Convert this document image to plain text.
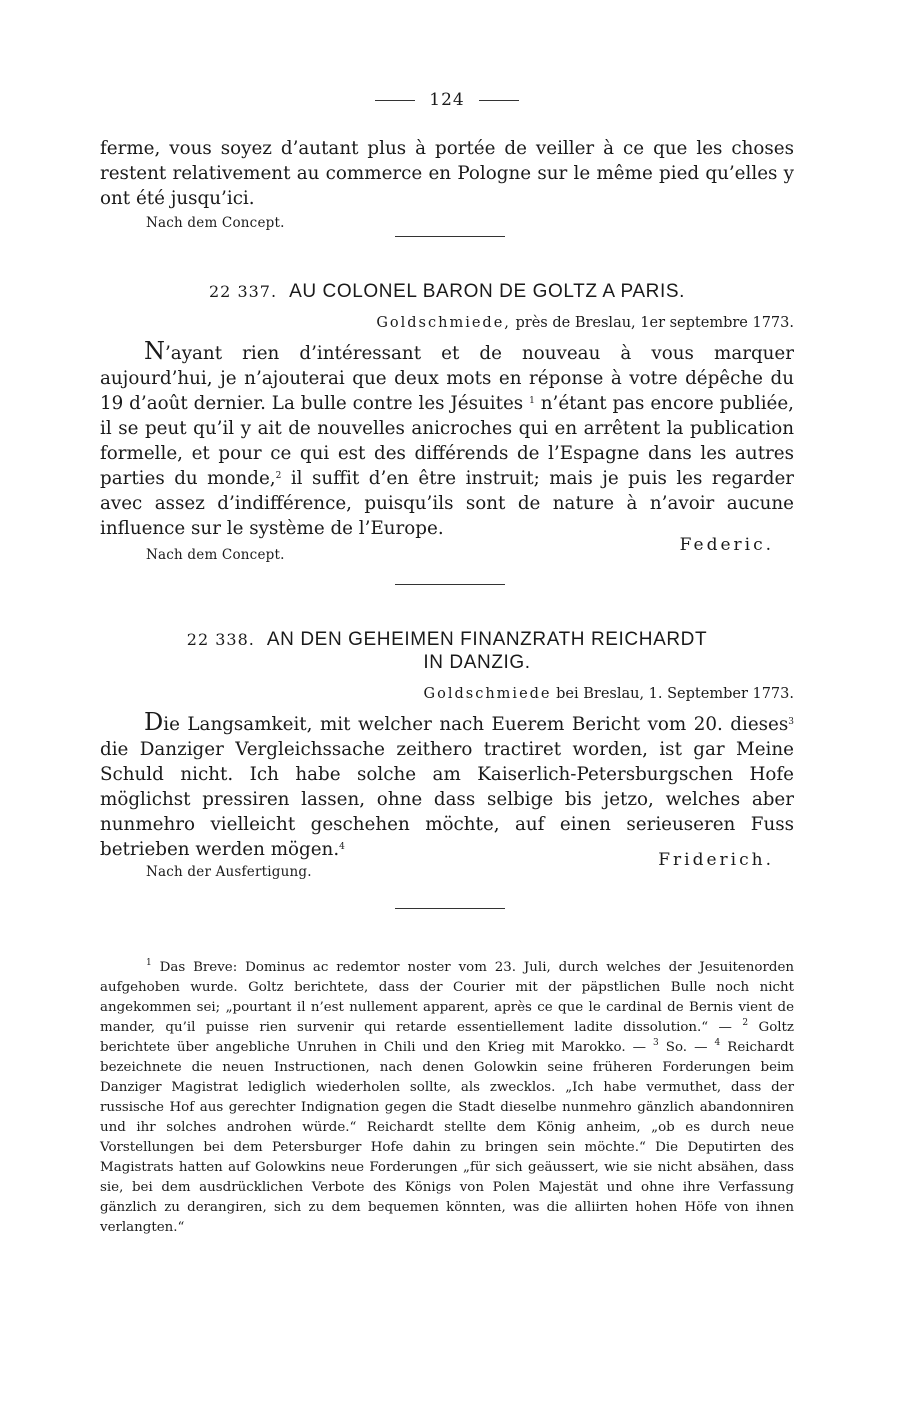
124

ferme, vous soyez d’autant plus à portée de veiller à ce que les choses restent relativement au commerce en Pologne sur le même pied qu’elles y ont été jusqu’ici.

Nach dem Concept.
22 337. AU COLONEL BARON DE GOLTZ A PARIS.
Goldschmiede, près de Breslau, 1er septembre 1773.

N’ayant rien d’intéressant et de nouveau à vous marquer aujourd’hui, je n’ajouterai que deux mots en réponse à votre dépêche du 19 d’août dernier. La bulle contre les Jésuites $^1$ n’étant pas encore publiée, il se peut qu’il y ait de nouvelles anicroches qui en arrêtent la publication formelle, et pour ce qui est des différends de l’Espagne dans les autres parties du monde,$^2$ il suffit d’en être instruit; mais je puis les regarder avec assez d’indifférence, puisqu’ils sont de nature à n’avoir aucune influence sur le système de l’Europe.

Nach dem Concept.	Federic.
22 338. AN DEN GEHEIMEN FINANZRATH REICHARDT
IN DANZIG.
Goldschmiede bei Breslau, 1. September 1773.

Die Langsamkeit, mit welcher nach Euerem Bericht vom 20. dieses$^3$ die Danziger Vergleichssache zeithero tractiret worden, ist gar Meine Schuld nicht. Ich habe solche am Kaiserlich-Petersburgschen Hofe möglichst pressiren lassen, ohne dass selbige bis jetzo, welches aber nunmehro vielleicht geschehen möchte, auf einen serieuseren Fuss betrieben werden mögen.$^4$

Nach der Ausfertigung.
Friderich.
$^1$ Das Breve: Dominus ac redemtor noster vom 23. Juli, durch welches der Jesuitenorden aufgehoben wurde. Goltz berichtete, dass der Courier mit der päpstlichen Bulle noch nicht angekommen sei; „pourtant il n’est nullement apparent, après ce que le cardinal de Bernis vient de mander, qu’il puisse rien survenir qui retarde essentiellement ladite dissolution.“ — $^2$ Goltz berichtete über angebliche Unruhen in Chili und den Krieg mit Marokko. — $^3$ So. — $^4$ Reichardt bezeichnete die neuen Instructionen, nach denen Golowkin seine früheren Forderungen beim Danziger Magistrat lediglich wiederholen sollte, als zwecklos. „Ich habe vermuthet, dass der russische Hof aus gerechter Indignation gegen die Stadt dieselbe nunmehro gänzlich abandonniren und ihr solches androhen würde.“ Reichardt stellte dem König anheim, „ob es durch neue Vorstellungen bei dem Petersburger Hofe dahin zu bringen sein möchte.“ Die Deputirten des Magistrats hatten auf Golowkins neue Forderungen „für sich geäussert, wie sie nicht absähen, dass sie, bei dem ausdrücklichen Verbote des Königs von Polen Majestät und ohne ihre Verfassung gänzlich zu derangiren, sich zu dem bequemen könnten, was die alliirten hohen Höfe von ihnen verlangten.“
